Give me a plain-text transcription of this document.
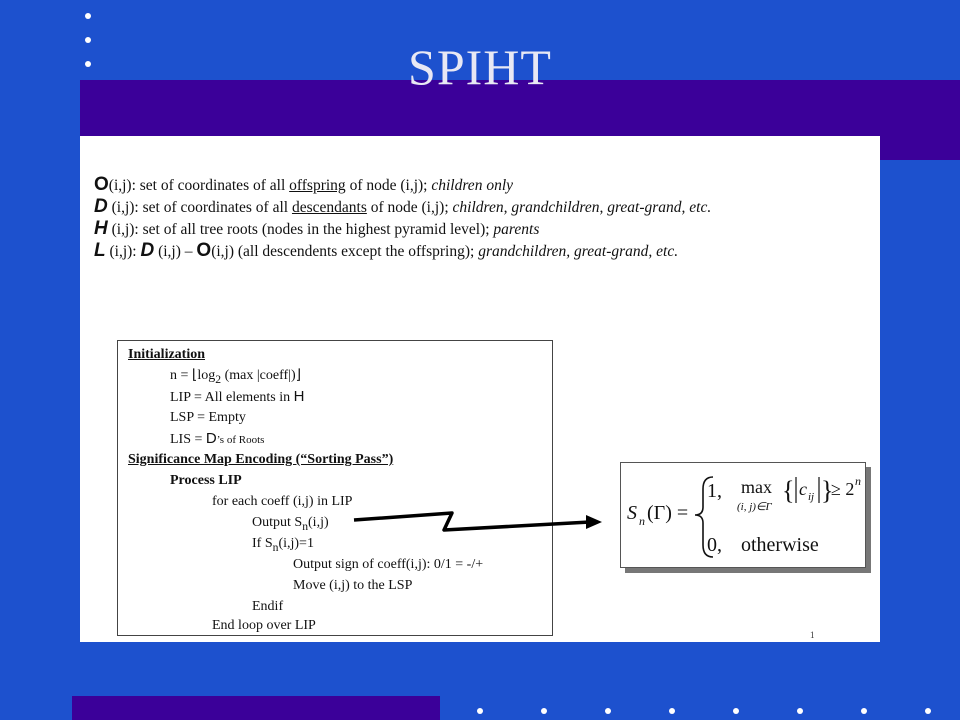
SPIHT
O(i,j): set of coordinates of all offspring of node (i,j); children only
D (i,j): set of coordinates of all descendants of node (i,j); children, grandchildren, great-grand, etc.
H (i,j): set of all tree roots (nodes in the highest pyramid level); parents
L (i,j): D (i,j) – O(i,j) (all descendents except the offspring); grandchildren, great-grand, etc.
Initialization
$n = ⌊\log_2$ (max |coeff|)⌋
LIP = All elements in H
LSP = Empty
LIS = D’s of Roots
Significance Map Encoding (“Sorting Pass”)
Process LIP
for each coeff (i,j) in LIP
Output $S_n(i,j)$
If $S_n(i,j)=1$
Output sign of coeff(i,j): 0/1 = -/+
Move (i,j) to the LSP
Endif
End loop over LIP
S n (Γ) =
1, max
(i, j)∈Γ
{ c ij }
≥ 2 n
0, otherwise
1
